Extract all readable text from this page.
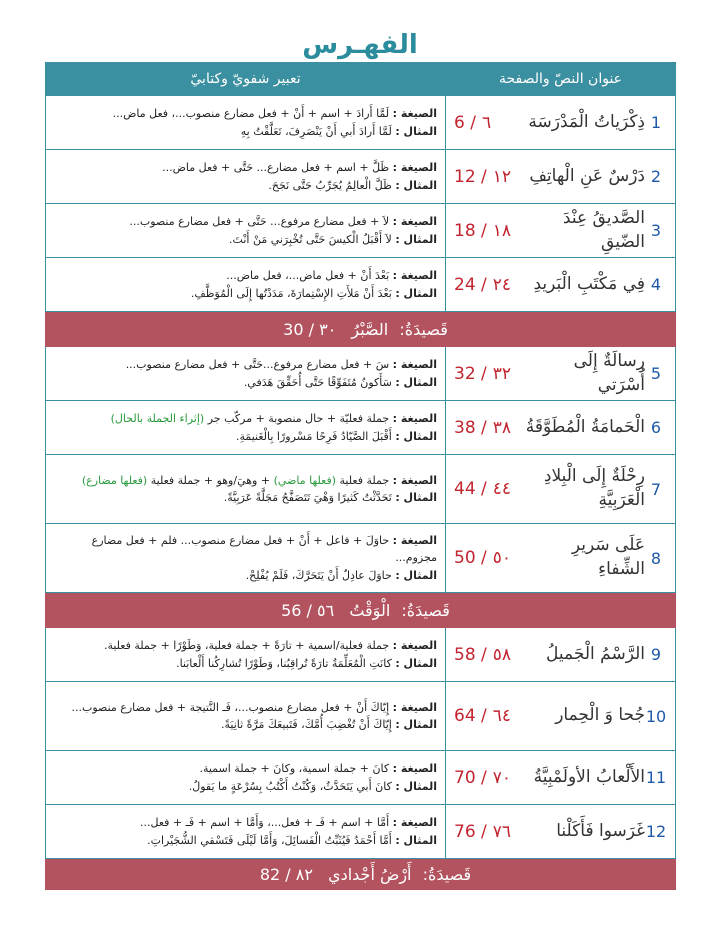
الفهـرس
عنوان النصّ والصفحة	تعبير شفويّ وكتابيّ

1
ذِكْرَياتُ الْمَدْرَسَة
٦/ 6	الصيغة : لَمَّا أَرادَ + اسم + أَنْ + فعل مضارع منصوب...، فعل ماض...
المثال : لَمَّا أَرادَ أَبي أَنْ يَنْصَرِفَ، تَعَلَّقْتُ بِهِ

2
دَرْسٌ عَنِ الْهاتِفِ
١٢/ 12	الصيغة : ظَلَّ + اسم + فعل مضارع... حَتَّى + فعل ماض...
المثال : ظَلَّ الْعالِمُ يُجَرِّبُ حَتَّى نَجَحَ.

3
الصَّديقُ عِنْدَ الضّيقِ
١٨/ 18	الصيغة : لاَ + فعل مضارع مرفوع... حَتَّى + فعل مضارع منصوب...
المثال : لاَ أَقْبَلُ الْكيسَ حَتَّى تُخْبِرَني مَنْ أَنْتَ.

4
فِي مَكْتَبِ الْبَريدِ
٢٤/ 24	الصيغة : بَعْدَ أَنْ + فعل ماض...، فعل ماض...
المثال : بَعْدَ أَنْ مَلأَتِ الإِسْتِمارَةَ، مَدَدْتُها إِلَى الْمُوَظَّفِ.

قَصيدَةُ: الصَّبْرُ ٣٠ / 30	

5
رِسالَةٌ إِلَى أُسْرَتي
٣٢/ 32	الصيغة : سَ + فعل مضارع مرفوع...حَتَّى + فعل مضارع منصوب...
المثال : سَأَكونُ مُتَفَوِّقًا حَتَّى أُحَقِّقَ هَدَفي.

6
الْحَمامَةُ الْمُطَوَّقَةُ
٣٨/ 38	الصيغة : جملة فعليّة + حال منصوبة + مركّب جر (إثراء الجملة بالحال)
المثال : أَقْبَلَ الصَّيّادُ فَرِحًا مَسْرورًا بِالْغَنيمَةِ.

7
رِحْلَةٌ إِلَى الْبِلادِ الْعَرَبِيَّةِ
٤٤/ 44	الصيغة : جملة فعلية (فعلها ماضي) + وهيَ/وهو + جملة فعلية (فعلها مضارع)
المثال : تَحَدَّثْتُ كَثيرًا وَهْيَ تَتَصَفَّحُ مَجَلَّةً عَرَبِيَّةً.

8
عَلَى سَريرِ الشِّفاءِ
٥٠/ 50	الصيغة : حاوَلَ + فاعل + أَنْ + فعل مضارع منصوب... فلم + فعل مضارع مجزوم...
المثال : حاوَلَ عادِلٌ أَنْ يَتَحَرَّكَ، فَلَمْ يُفْلِحْ.

قَصيدَةُ: الْوَقْتُ ٥٦ / 56	

9
الرَّسْمُ الْجَميلُ
٥٨/ 58	الصيغة : جملة فعلية/اسمية + تارَةً + جملة فعلية، وَطَوْرًا + جملة فعلية.
المثال : كانَتِ الْمُعَلِّمَةُ تارَةً تُراقِبُنا، وَطَوْرًا تُشارِكُنا أَلْعابَنا.

10
جُحا وَ الْحِمار
٦٤/ 64	الصيغة : إِيّاكَ أَنْ + فعل مضارع منصوب...، فَـ النَّتيجة + فعل مضارع منصوب...
المثال : إِيّاكَ أَنْ تُغْضِبَ أُمَّكَ، فَتَبيعَكَ مَرَّةً ثانِيَةً.

11
الأَلْعابُ الأولَمْبِيَّةُ
٧٠/ 70	الصيغة : كانَ + جملة اسمية، وكانَ + جملة اسمية.
المثال : كانَ أَبي يَتَحَدَّثُ، وَكُنْتُ أَكْتُبُ بِسُرْعَةٍ ما يَقولُ.

12
غَرَسوا فَأَكَلْنا
٧٦/ 76	الصيغة : أَمَّا + اسم + فَـ + فعل...، وَأَمَّا + اسم + فَـ + فعل...
المثال : أَمَّا أَحْمَدُ فَيُثَبِّتُ الْفَسائِلَ، وَأَمَّا لَيْلَى فَتَسْقي الشُّجَيْراتِ.

قَصيدَةُ: أَرْضُ أَجْدادي ٨٢ / 82	
